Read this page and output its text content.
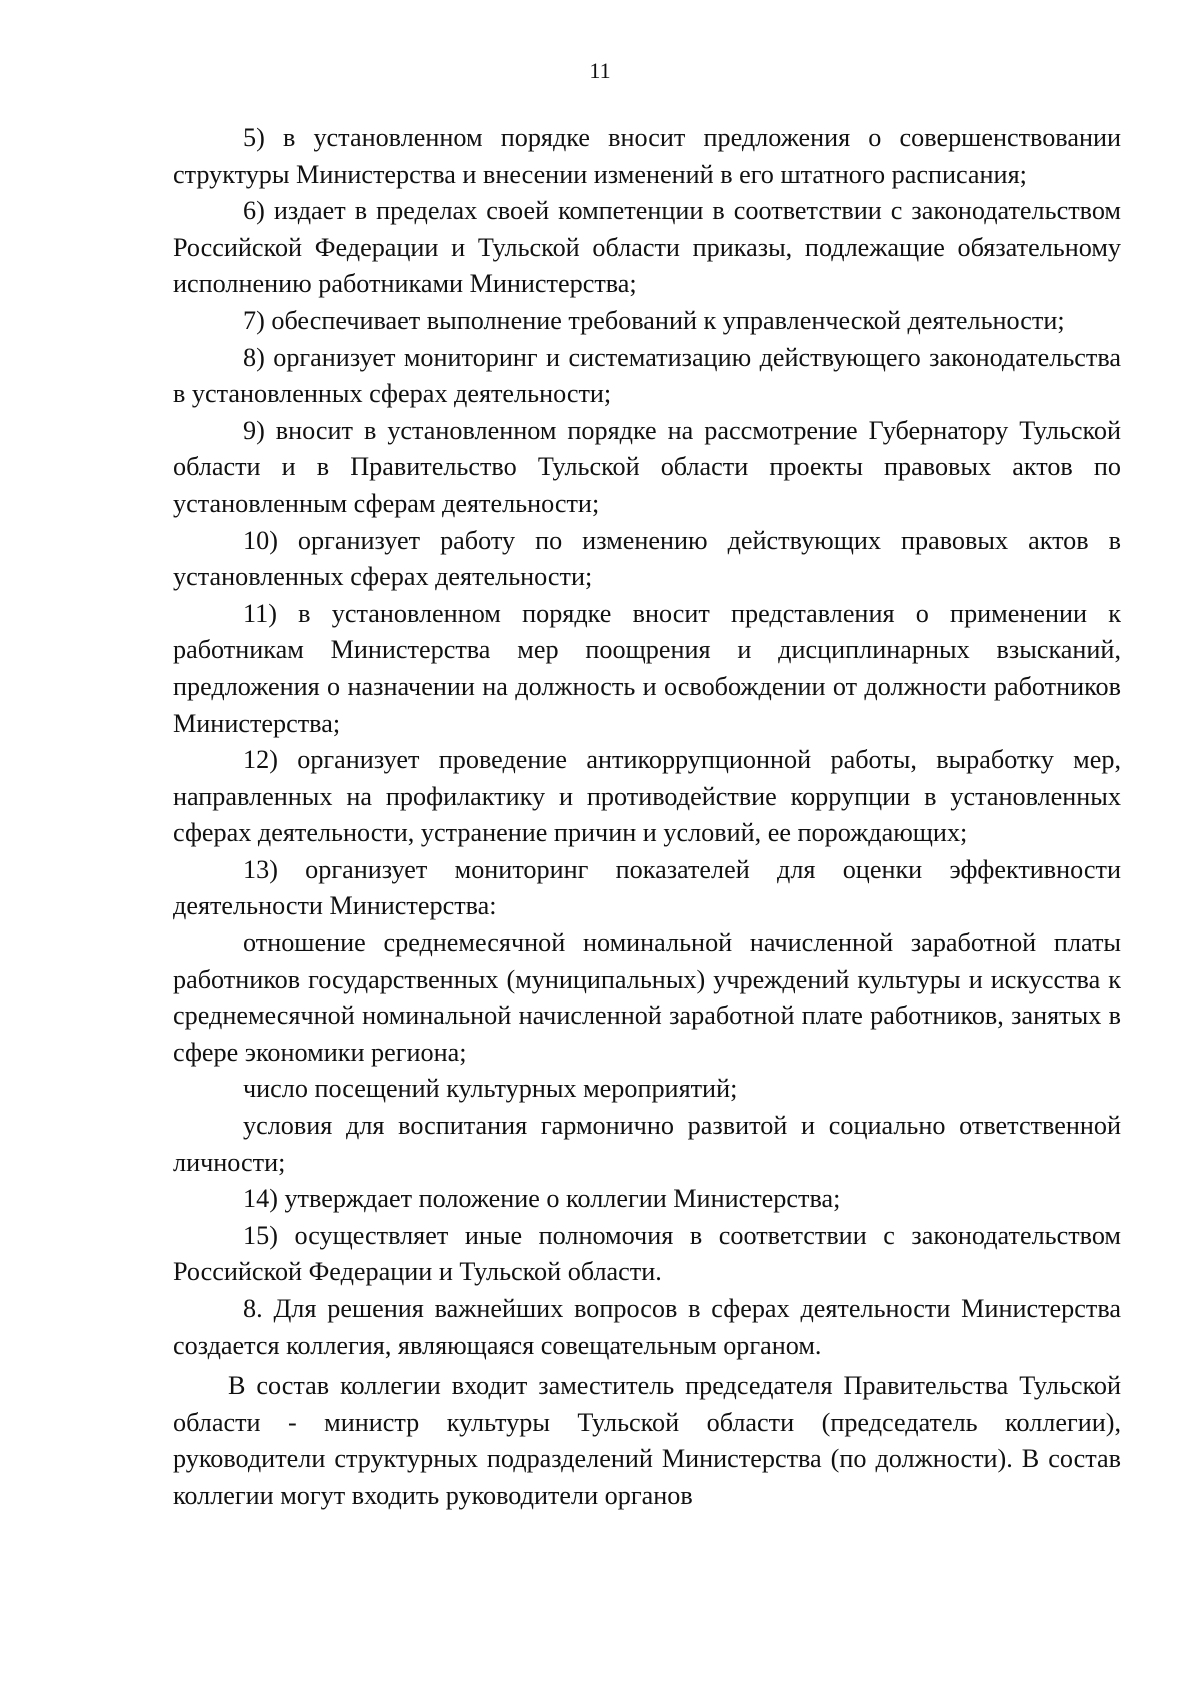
11

5) в установленном порядке вносит предложения о совершенствовании структуры Министерства и внесении изменений в его штатного расписания;

6) издает в пределах своей компетенции в соответствии с законодательством Российской Федерации и Тульской области приказы, подлежащие обязательному исполнению работниками Министерства;

7) обеспечивает выполнение требований к управленческой деятельности;

8) организует мониторинг и систематизацию действующего законодательства в установленных сферах деятельности;

9) вносит в установленном порядке на рассмотрение Губернатору Тульской области и в Правительство Тульской области проекты правовых актов по установленным сферам деятельности;

10) организует работу по изменению действующих правовых актов в установленных сферах деятельности;

11) в установленном порядке вносит представления о применении к работникам Министерства мер поощрения и дисциплинарных взысканий, предложения о назначении на должность и освобождении от должности работников Министерства;

12) организует проведение антикоррупционной работы, выработку мер, направленных на профилактику и противодействие коррупции в установленных сферах деятельности, устранение причин и условий, ее порождающих;

13) организует мониторинг показателей для оценки эффективности деятельности Министерства:

отношение среднемесячной номинальной начисленной заработной платы работников государственных (муниципальных) учреждений культуры и искусства к среднемесячной номинальной начисленной заработной плате работников, занятых в сфере экономики региона;

число посещений культурных мероприятий;

условия для воспитания гармонично развитой и социально ответственной личности;

14) утверждает положение о коллегии Министерства;

15) осуществляет иные полномочия в соответствии с законодательством Российской Федерации и Тульской области.

8. Для решения важнейших вопросов в сферах деятельности Министерства создается коллегия, являющаяся совещательным органом.

В состав коллегии входит заместитель председателя Правительства Тульской области - министр культуры Тульской области (председатель коллегии), руководители структурных подразделений Министерства (по должности). В состав коллегии могут входить руководители органов
